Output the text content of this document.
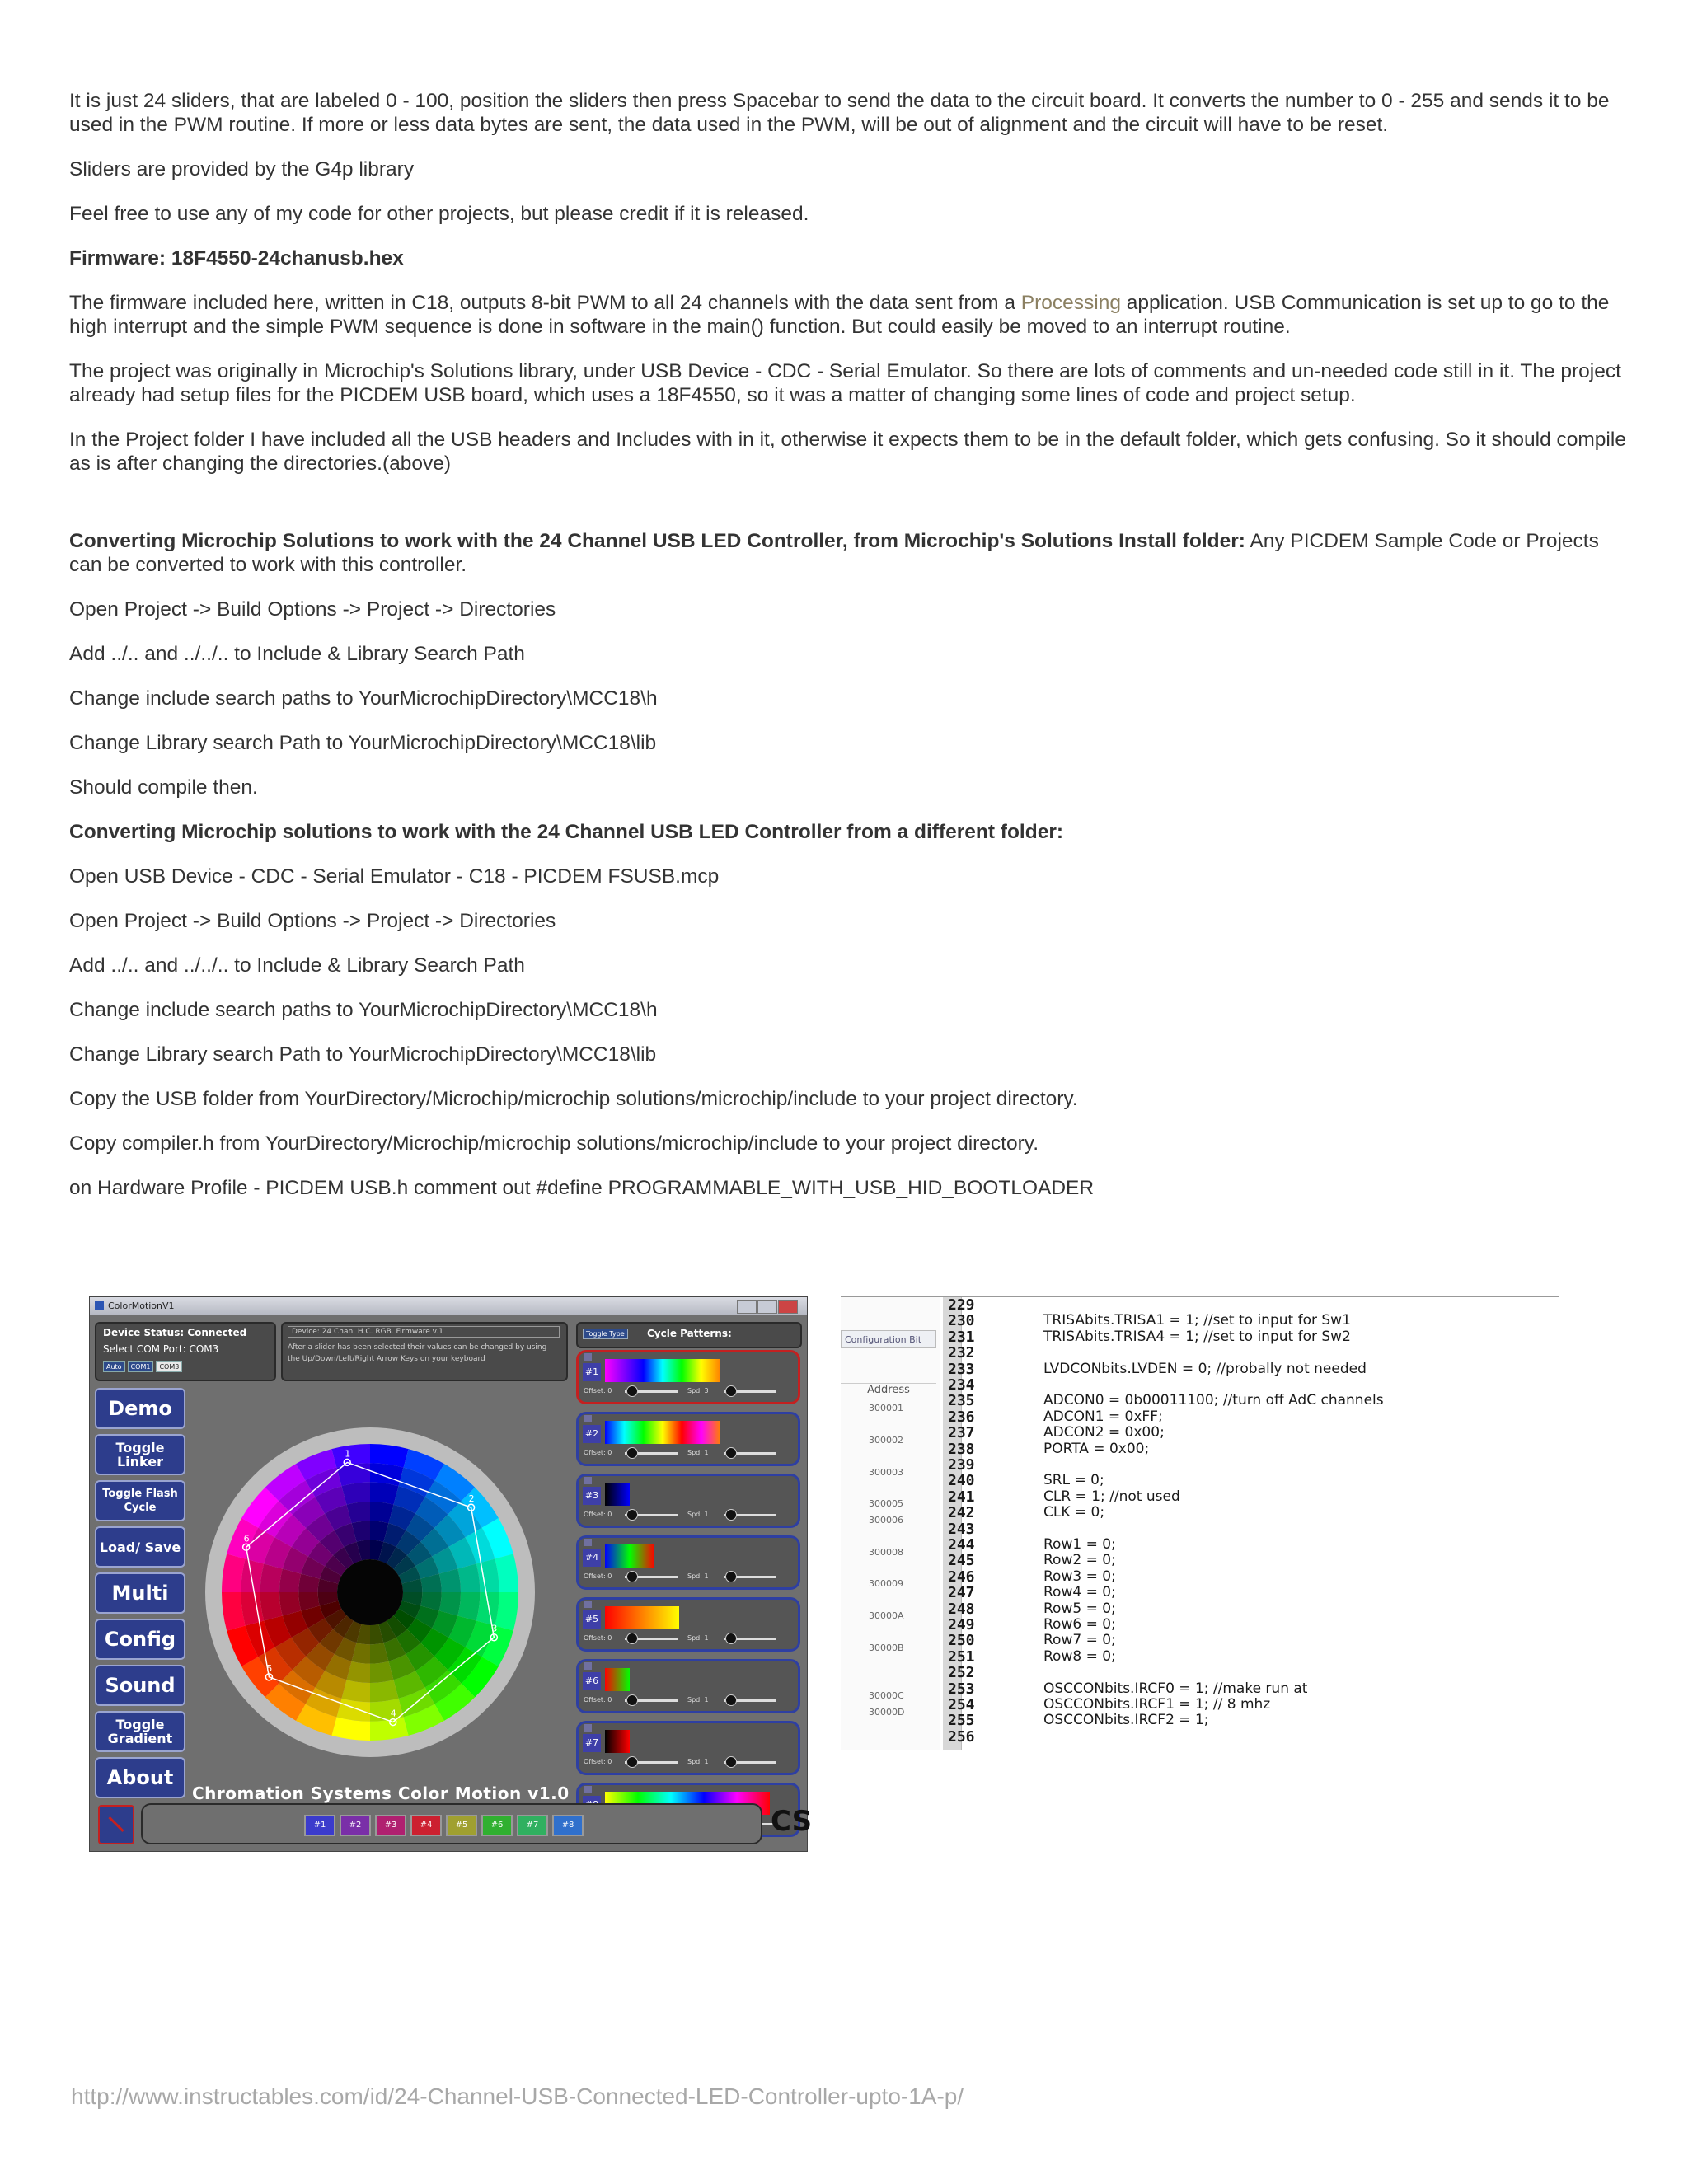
It is just 24 sliders, that are labeled 0 - 100, position the sliders then press Spacebar to send the data to the circuit board. It converts the number to 0 - 255 and sends it to be used in the PWM routine. If more or less data bytes are sent, the data used in the PWM, will be out of alignment and the circuit will have to be reset.

Sliders are provided by the G4p library

Feel free to use any of my code for other projects, but please credit if it is released.

Firmware: 18F4550-24chanusb.hex

The firmware included here, written in C18, outputs 8-bit PWM to all 24 channels with the data sent from a Processing application. USB Communication is set up to go to the high interrupt and the simple PWM sequence is done in software in the main() function. But could easily be moved to an interrupt routine.

The project was originally in Microchip's Solutions library, under USB Device - CDC - Serial Emulator. So there are lots of comments and un-needed code still in it. The project already had setup files for the PICDEM USB board, which uses a 18F4550, so it was a matter of changing some lines of code and project setup.

In the Project folder I have included all the USB headers and Includes with in it, otherwise it expects them to be in the default folder, which gets confusing. So it should compile as is after changing the directories.(above)

Converting Microchip Solutions to work with the 24 Channel USB LED Controller, from Microchip's Solutions Install folder: Any PICDEM Sample Code or Projects can be converted to work with this controller.

Open Project -> Build Options -> Project -> Directories

Add ../.. and ../../.. to Include & Library Search Path

Change include search paths to YourMicrochipDirectory\MCC18\h

Change Library search Path to YourMicrochipDirectory\MCC18\lib

Should compile then.

Converting Microchip solutions to work with the 24 Channel USB LED Controller from a different folder:

Open USB Device - CDC - Serial Emulator - C18 - PICDEM FSUSB.mcp

Open Project -> Build Options -> Project -> Directories

Add ../.. and ../../.. to Include & Library Search Path

Change include search paths to YourMicrochipDirectory\MCC18\h

Change Library search Path to YourMicrochipDirectory\MCC18\lib

Copy the USB folder from YourDirectory/Microchip/microchip solutions/microchip/include to your project directory.

Copy compiler.h from YourDirectory/Microchip/microchip solutions/microchip/include to your project directory.

on Hardware Profile - PICDEM USB.h comment out #define PROGRAMMABLE_WITH_USB_HID_BOOTLOADER

ColorMotionV1
Device Status: Connected
Select COM Port: COM3
Auto COM1 COM3
Device: 24 Chan. H.C. RGB. Firmware v.1
After a slider has been selected their values can be changed by using the Up/Down/Left/Right Arrow Keys on your keyboard
Toggle Type	Cycle Patterns:
Demo
Toggle Linker
Toggle Flash Cycle
Load/ Save
Multi
Config
Sound
Toggle Gradient
About
1
2
3
4
5
6
Chromation Systems Color Motion v1.0
#1
Offset: 0	Spd: 3
#2
Offset: 0	Spd: 1
#3
Offset: 0	Spd: 1
#4
Offset: 0	Spd: 1
#5
Offset: 0	Spd: 1
#6
Offset: 0	Spd: 1
#7
Offset: 0	Spd: 1
#1	#2	#3	#4	#5	#6	#7	#8	CS
Configuration Bit
Address
300001
300002
300003
300005
300006
300008
300009
30000A
30000B
30000C
30000D
229
230
231
232
233
234
235
236
237
238
239
240
241
242
243
244
245
246
247
248
249
250
251
252
253
254
255
256
TRISAbits.TRISA1 = 1; //set to input for Sw1
TRISAbits.TRISA4 = 1; //set to input for Sw2
LVDCONbits.LVDEN = 0; //probally not needed
ADCON0 = 0b00011100; //turn off AdC channels
ADCON1 = 0xFF;
ADCON2 = 0x00;
PORTA = 0x00;
SRL = 0;
CLR = 1; //not used
CLK = 0;
Row1 = 0;
Row2 = 0;
Row3 = 0;
Row4 = 0;
Row5 = 0;
Row6 = 0;
Row7 = 0;
Row8 = 0;
OSCCONbits.IRCF0 = 1; //make run at
OSCCONbits.IRCF1 = 1; // 8 mhz
OSCCONbits.IRCF2 = 1;
http://www.instructables.com/id/24-Channel-USB-Connected-LED-Controller-upto-1A-p/
